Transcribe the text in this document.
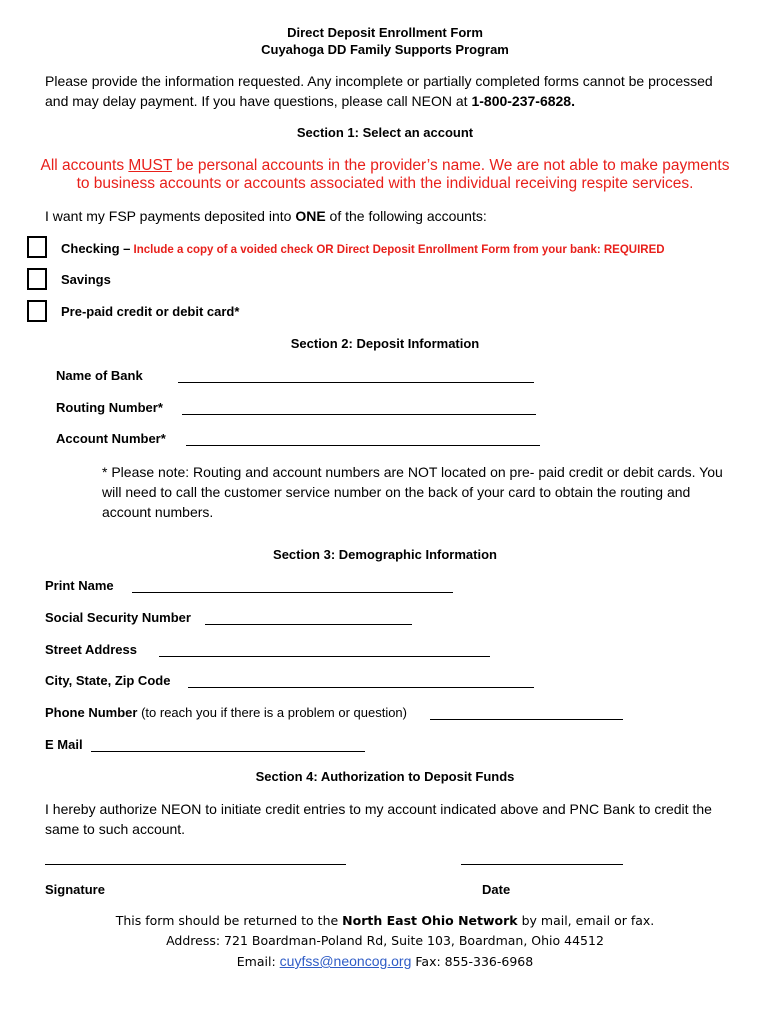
Direct Deposit Enrollment Form
Cuyahoga DD Family Supports Program
Please provide the information requested. Any incomplete or partially completed forms cannot be processed
and may delay payment. If you have questions, please call NEON at 1-800-237-6828.
Section 1: Select an account
All accounts MUST be personal accounts in the provider’s name. We are not able to make payments
to business accounts or accounts associated with the individual receiving respite services.
I want my FSP payments deposited into ONE of the following accounts:
Checking – Include a copy of a voided check OR Direct Deposit Enrollment Form from your bank: REQUIRED
Savings
Pre-paid credit or debit card*
Section 2: Deposit Information
Name of Bank
Routing Number*
Account Number*
* Please note: Routing and account numbers are NOT located on pre- paid credit or debit cards. You
will need to call the customer service number on the back of your card to obtain the routing and
account numbers.
Section 3: Demographic Information
Print Name
Social Security Number
Street Address
City, State, Zip Code
Phone Number (to reach you if there is a problem or question)
E Mail
Section 4: Authorization to Deposit Funds
I hereby authorize NEON to initiate credit entries to my account indicated above and PNC Bank to credit the
same to such account.
Signature	Date
This form should be returned to the North East Ohio Network by mail, email or fax.
Address: 721 Boardman-Poland Rd, Suite 103, Boardman, Ohio 44512
Email: cuyfss@neoncog.org Fax: 855-336-6968
